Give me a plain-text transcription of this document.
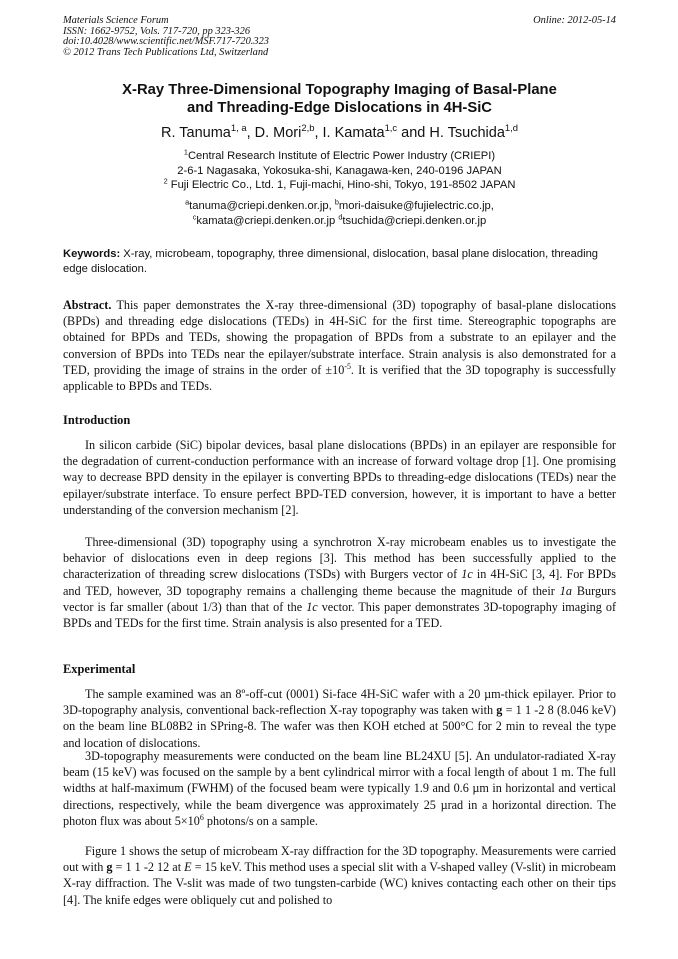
Materials Science Forum
ISSN: 1662-9752, Vols. 717-720, pp 323-326
doi:10.4028/www.scientific.net/MSF.717-720.323
© 2012 Trans Tech Publications Ltd, Switzerland
Online: 2012-05-14
X-Ray Three-Dimensional Topography Imaging of Basal-Plane
and Threading-Edge Dislocations in 4H-SiC
R. Tanuma$^{1, a}$, D. Mori$^{2,b}$, I. Kamata$^{1,c}$ and H. Tsuchida$^{1,d}$
$^1$Central Research Institute of Electric Power Industry (CRIEPI)
2-6-1 Nagasaka, Yokosuka-shi, Kanagawa-ken, 240-0196 JAPAN
$^2$ Fuji Electric Co., Ltd. 1, Fuji-machi, Hino-shi, Tokyo, 191-8502 JAPAN
$^a$tanuma@criepi.denken.or.jp, $^b$mori-daisuke@fujielectric.co.jp,
$^c$kamata@criepi.denken.or.jp $^d$tsuchida@criepi.denken.or.jp
Keywords: X-ray, microbeam, topography, three dimensional, dislocation, basal plane dislocation, threading edge dislocation.
Abstract. This paper demonstrates the X-ray three-dimensional (3D) topography of basal-plane dislocations (BPDs) and threading edge dislocations (TEDs) in 4H-SiC for the first time. Stereographic topographs are obtained for BPDs and TEDs, showing the propagation of BPDs from a substrate to an epilayer and the conversion of BPDs into TEDs near the epilayer/substrate interface. Strain analysis is also demonstrated for a TED, providing the image of strains in the order of $\pm 10^{-5}$. It is verified that the 3D topography is successfully applicable to BPDs and TEDs.
Introduction
In silicon carbide (SiC) bipolar devices, basal plane dislocations (BPDs) in an epilayer are responsible for the degradation of current-conduction performance with an increase of forward voltage drop [1]. One promising way to decrease BPD density in the epilayer is converting BPDs to threading-edge dislocations (TEDs) near the epilayer/substrate interface. To ensure perfect BPD-TED conversion, however, it is important to have a better understanding of the conversion mechanism [2].
Three-dimensional (3D) topography using a synchrotron X-ray microbeam enables us to investigate the behavior of dislocations even in deep regions [3]. This method has been successfully applied to the characterization of threading screw dislocations (TSDs) with Burgers vector of 1c in 4H-SiC [3, 4]. For BPDs and TED, however, 3D topography remains a challenging theme because the magnitude of their 1a Burgurs vector is far smaller (about 1/3) than that of the 1c vector. This paper demonstrates 3D-topography imaging of BPDs and TEDs for the first time. Strain analysis is also presented for a TED.
Experimental
The sample examined was an 8º-off-cut (0001) Si-face 4H-SiC wafer with a 20 µm-thick epilayer. Prior to 3D-topography analysis, conventional back-reflection X-ray topography was taken with g = 1 1 -2 8 (8.046 keV) on the beam line BL08B2 in SPring-8. The wafer was then KOH etched at 500°C for 2 min to reveal the type and location of dislocations.
3D-topography measurements were conducted on the beam line BL24XU [5]. An undulator-radiated X-ray beam (15 keV) was focused on the sample by a bent cylindrical mirror with a focal length of about 1 m. The full widths at half-maximum (FWHM) of the focused beam were typically 1.9 and 0.6 µm in horizontal and vertical directions, respectively, while the beam divergence was approximately 25 µrad in a horizontal direction. The photon flux was about $5\times 10^6$ photons/s on a sample.
Figure 1 shows the setup of microbeam X-ray diffraction for the 3D topography. Measurements were carried out with g = 1 1 -2 12 at E = 15 keV. This method uses a special slit with a V-shaped valley (V-slit) in microbeam X-ray diffraction. The V-slit was made of two tungsten-carbide (WC) knives contacting each other on their tips [4]. The knife edges were obliquely cut and polished to
